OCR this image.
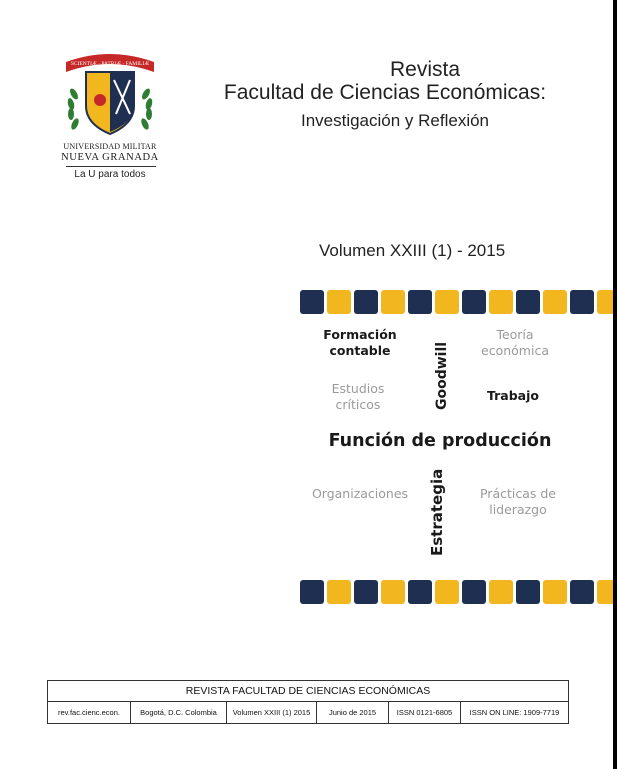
SCIENTIÆ · PATRIÆ · FAMILIÆ
UNIVERSIDAD MILITAR
NUEVA GRANADA
La U para todos
Revista
Facultad de Ciencias Económicas:
Investigación y Reflexión
Volumen XXIII (1) - 2015
Formación contable
Teoría económica
Goodwill
Estudios críticos
Trabajo
Función de producción
Organizaciones	Estrategia	Prácticas de liderazgo
REVISTA FACULTAD DE CIENCIAS ECONÓMICAS
rev.fac.cienc.econ.	Bogotá, D.C. Colombia	Volumen XXIII (1) 2015	Junio de 2015	ISSN 0121-6805	ISSN ON LINE: 1909-7719
